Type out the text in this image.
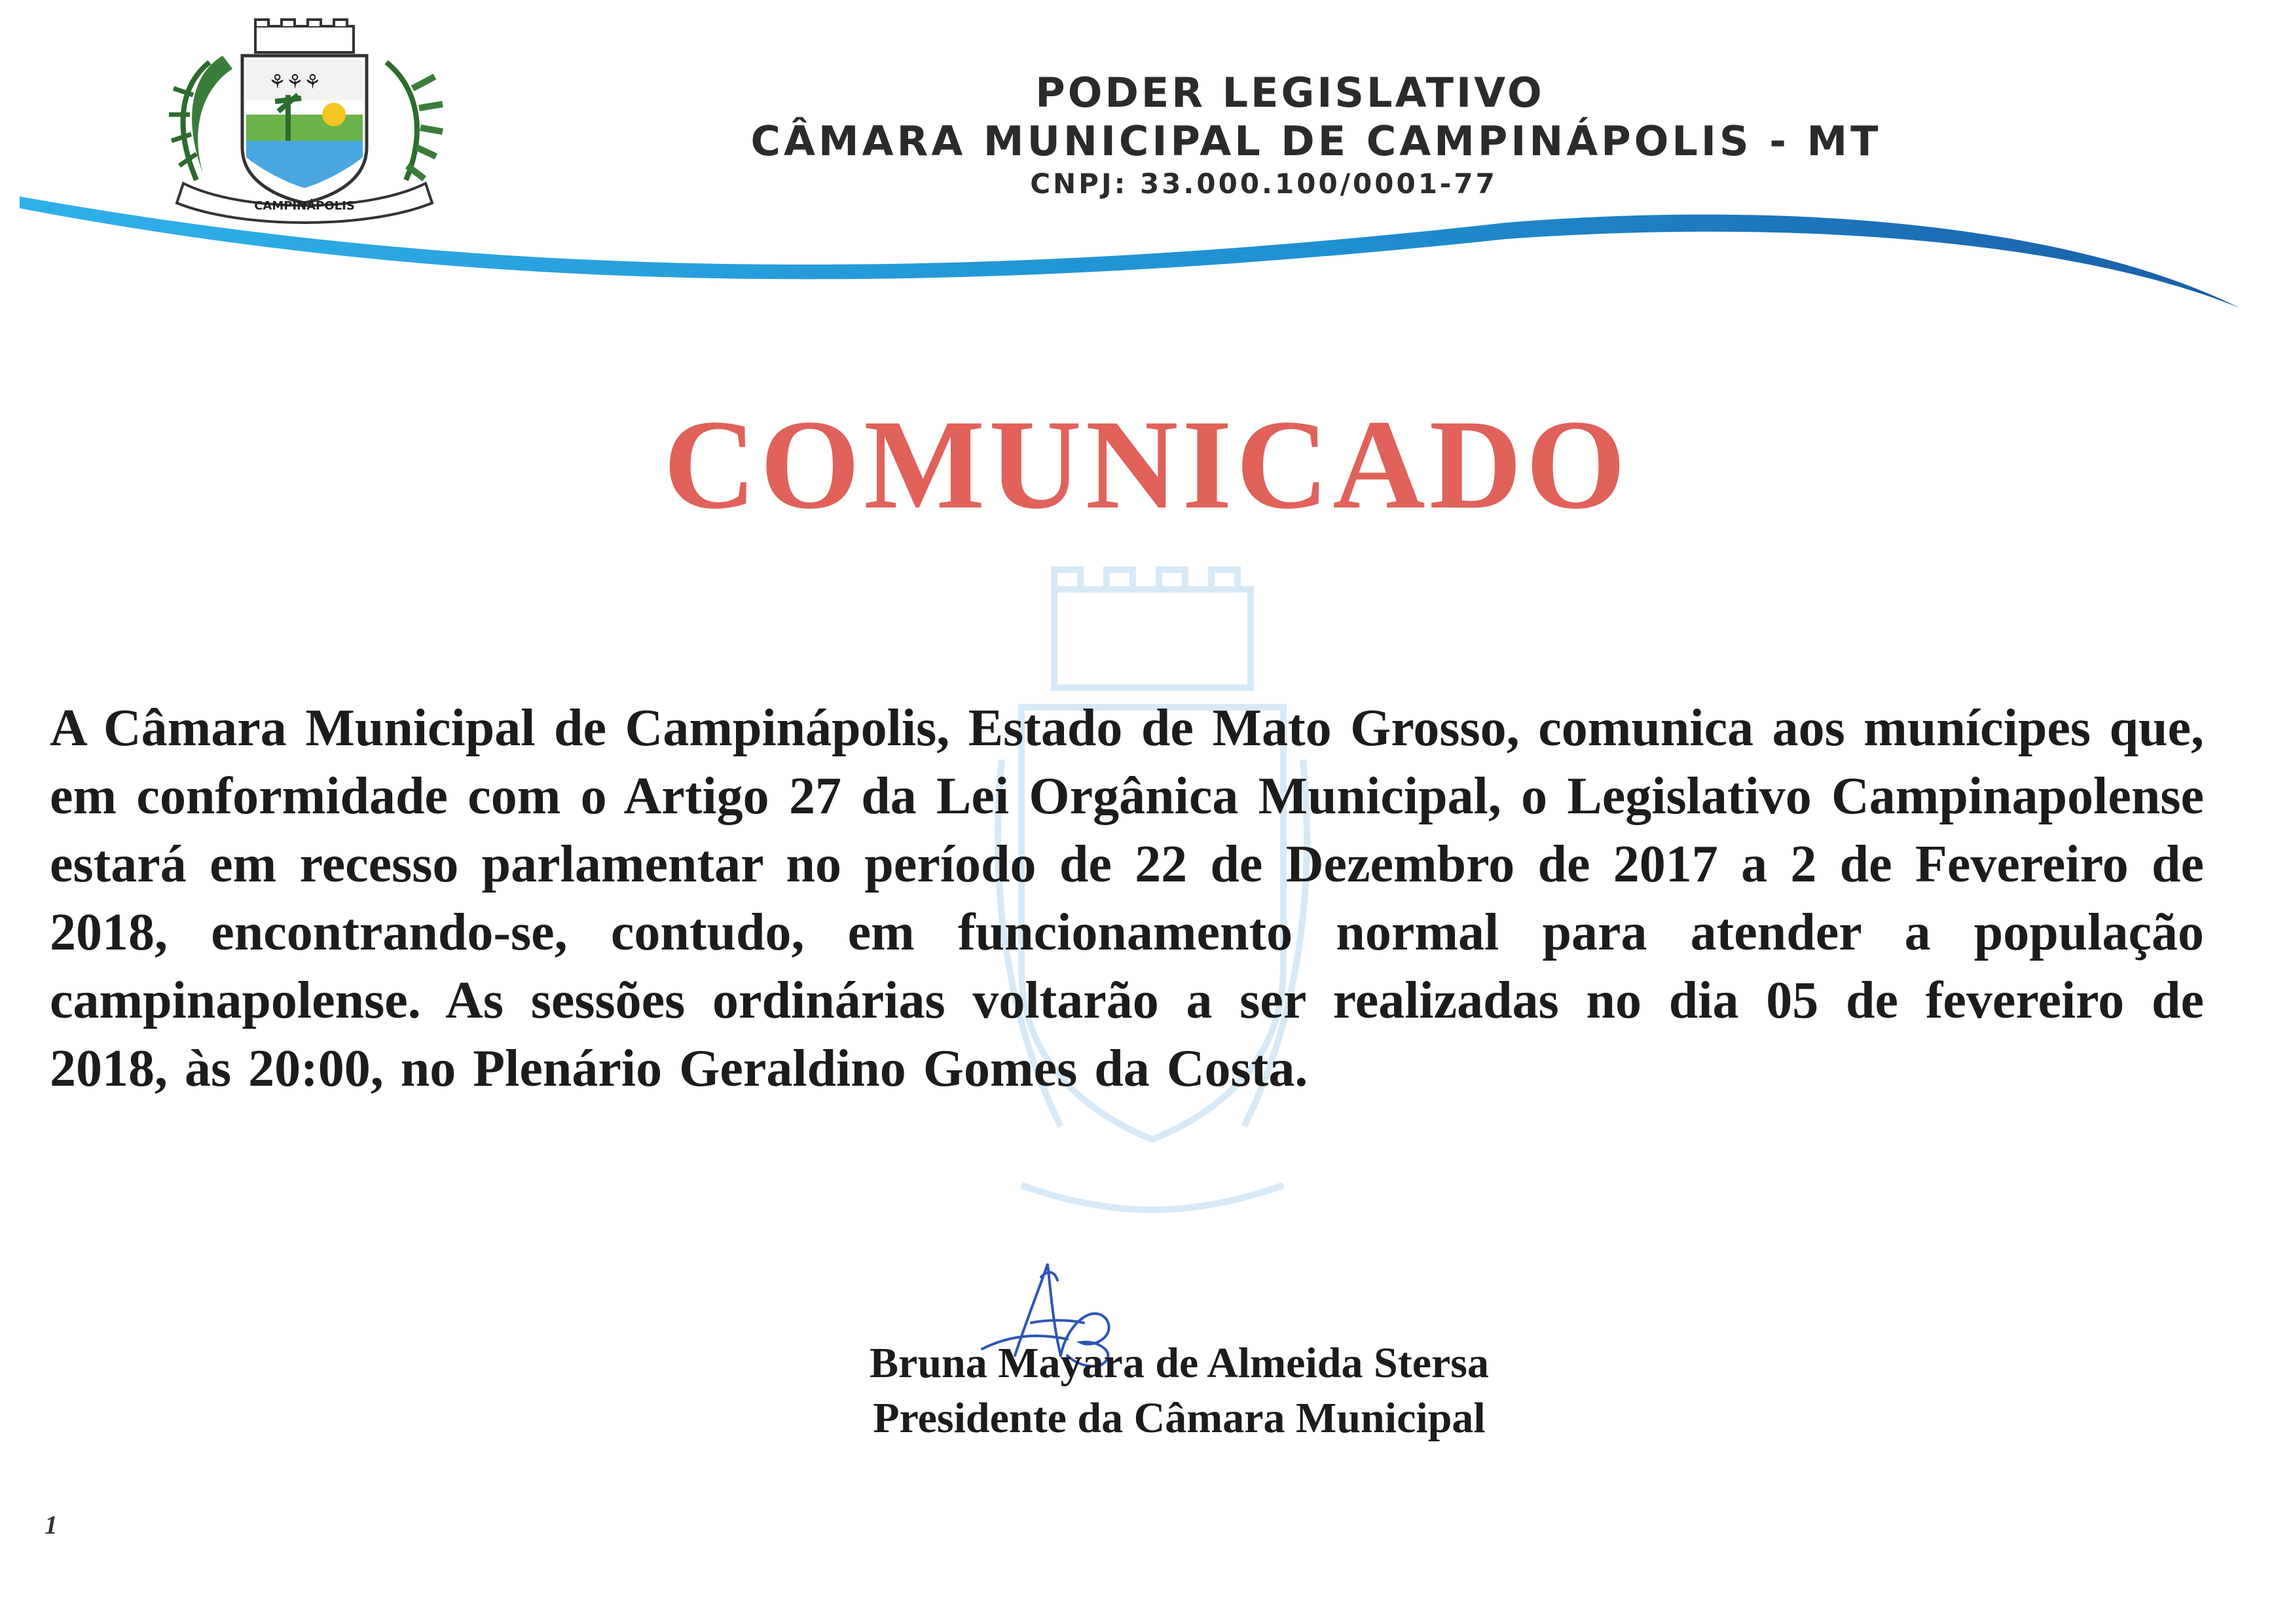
⚘⚘⚘
CAMPINÁPOLIS
PODER LEGISLATIVO
CÂMARA MUNICIPAL DE CAMPINÁPOLIS - MT
CNPJ: 33.000.100/0001-77
COMUNICADO
A Câmara Municipal de Campinápolis, Estado de Mato Grosso, comunica aos munícipes que, em conformidade com o Artigo 27 da Lei Orgânica Municipal, o Legislativo Campinapolense estará em recesso parlamentar no período de 22 de Dezembro de 2017 a 2 de Fevereiro de 2018, encontrando-se, contudo, em funcionamento normal para atender a população campinapolense. As sessões ordinárias voltarão a ser realizadas no dia 05 de fevereiro de 2018, às 20:00, no Plenário Geraldino Gomes da Costa.
Bruna Mayara de Almeida Stersa
Presidente da Câmara Municipal
1
